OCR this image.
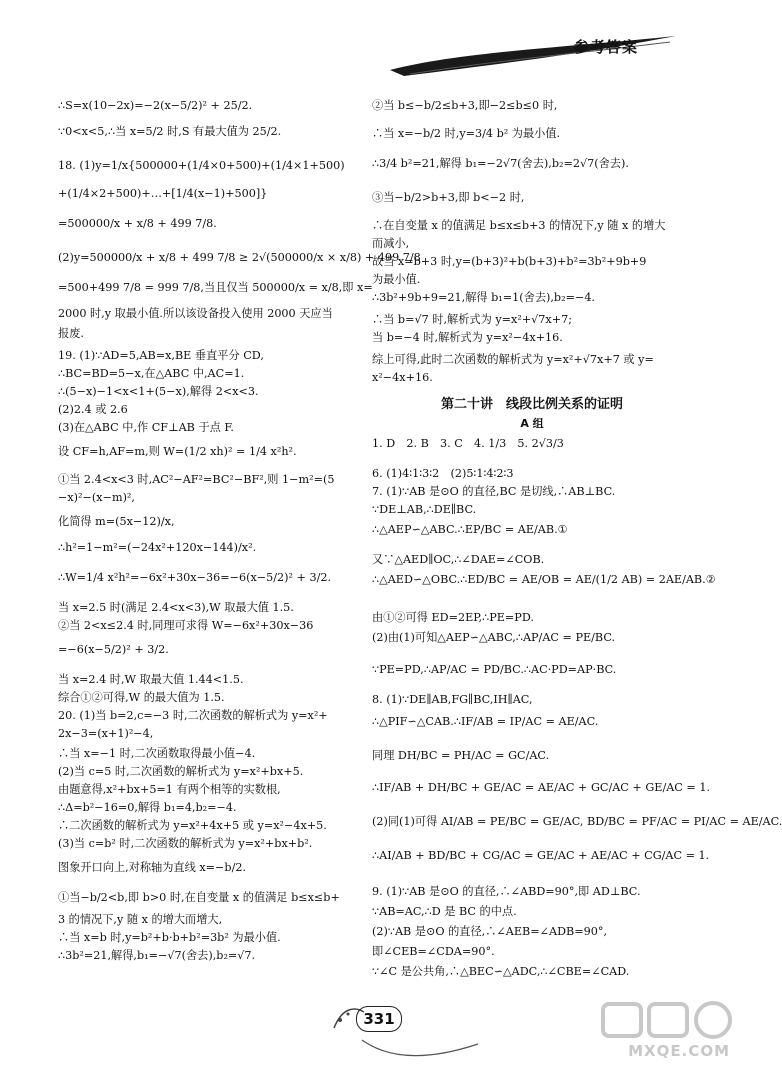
参考答案
∴S=x(10−2x)=−2(x−5/2)² + 25/2.
∵0<x<5,∴当 x=5/2 时,S 有最大值为 25/2.
18. (1)y=1/x{500000+(1/4×0+500)+(1/4×1+500)
+(1/4×2+500)+…+[1/4(x−1)+500]}
=500000/x + x/8 + 499 7/8.
(2)y=500000/x + x/8 + 499 7/8 ≥ 2√(500000/x × x/8) + 499 7/8
=500+499 7/8 = 999 7/8,当且仅当 500000/x = x/8,即 x=
2000 时,y 取最小值.所以该设备投入使用 2000 天应当
报废.
19. (1)∵AD=5,AB=x,BE 垂直平分 CD,
∴BC=BD=5−x,在△ABC 中,AC=1.
∴(5−x)−1<x<1+(5−x),解得 2<x<3.
(2)2.4 或 2.6
(3)在△ABC 中,作 CF⊥AB 于点 F.
设 CF=h,AF=m,则 W=(1/2 xh)² = 1/4 x²h².
①当 2.4<x<3 时,AC²−AF²=BC²−BF²,则 1−m²=(5
−x)²−(x−m)²,
化简得 m=(5x−12)/x,
∴h²=1−m²=(−24x²+120x−144)/x².
∴W=1/4 x²h²=−6x²+30x−36=−6(x−5/2)² + 3/2.
当 x=2.5 时(满足 2.4<x<3),W 取最大值 1.5.
②当 2<x≤2.4 时,同理可求得 W=−6x²+30x−36
=−6(x−5/2)² + 3/2.
当 x=2.4 时,W 取最大值 1.44<1.5.
综合①②可得,W 的最大值为 1.5.
20. (1)当 b=2,c=−3 时,二次函数的解析式为 y=x²+
2x−3=(x+1)²−4,
∴当 x=−1 时,二次函数取得最小值−4.
(2)当 c=5 时,二次函数的解析式为 y=x²+bx+5.
由题意得,x²+bx+5=1 有两个相等的实数根,
∴Δ=b²−16=0,解得 b₁=4,b₂=−4.
∴二次函数的解析式为 y=x²+4x+5 或 y=x²−4x+5.
(3)当 c=b² 时,二次函数的解析式为 y=x²+bx+b².
图象开口向上,对称轴为直线 x=−b/2.
①当−b/2<b,即 b>0 时,在自变量 x 的值满足 b≤x≤b+
3 的情况下,y 随 x 的增大而增大,
∴当 x=b 时,y=b²+b·b+b²=3b² 为最小值.
∴3b²=21,解得,b₁=−√7(舍去),b₂=√7.
②当 b≤−b/2≤b+3,即−2≤b≤0 时,
∴当 x=−b/2 时,y=3/4 b² 为最小值.
∴3/4 b²=21,解得 b₁=−2√7(舍去),b₂=2√7(舍去).
③当−b/2>b+3,即 b<−2 时,
∴在自变量 x 的值满足 b≤x≤b+3 的情况下,y 随 x 的增大
而减小,
故当 x=b+3 时,y=(b+3)²+b(b+3)+b²=3b²+9b+9
为最小值.
∴3b²+9b+9=21,解得 b₁=1(舍去),b₂=−4.
∴当 b=√7 时,解析式为 y=x²+√7x+7;
当 b=−4 时,解析式为 y=x²−4x+16.
综上可得,此时二次函数的解析式为 y=x²+√7x+7 或 y=
x²−4x+16.
第二十讲　线段比例关系的证明
A 组
1. D　2. B　3. C　4. 1/3　5. 2√3/3
6. (1)4∶1∶3∶2　(2)5∶1∶4∶2∶3
7. (1)∵AB 是⊙O 的直径,BC 是切线,∴AB⊥BC.
∵DE⊥AB,∴DE∥BC.
∴△AEP∽△ABC.∴EP/BC = AE/AB.①
又∵△AED∥OC,∴∠DAE=∠COB.
∴△AED∽△OBC.∴ED/BC = AE/OB = AE/(1/2 AB) = 2AE/AB.②
由①②可得 ED=2EP,∴PE=PD.
(2)由(1)可知△AEP∽△ABC,∴AP/AC = PE/BC.
∵PE=PD,∴AP/AC = PD/BC.∴AC·PD=AP·BC.
8. (1)∵DE∥AB,FG∥BC,IH∥AC,
∴△PIF∽△CAB.∴IF/AB = IP/AC = AE/AC.
同理 DH/BC = PH/AC = GC/AC.
∴IF/AB + DH/BC + GE/AC = AE/AC + GC/AC + GE/AC = 1.
(2)同(1)可得 AI/AB = PE/BC = GE/AC, BD/BC = PF/AC = PI/AC = AE/AC.
∴AI/AB + BD/BC + CG/AC = GE/AC + AE/AC + CG/AC = 1.
9. (1)∵AB 是⊙O 的直径,∴∠ABD=90°,即 AD⊥BC.
∵AB=AC,∴D 是 BC 的中点.
(2)∵AB 是⊙O 的直径,∴∠AEB=∠ADB=90°,
即∠CEB=∠CDA=90°.
∵∠C 是公共角,∴△BEC∽△ADC,∴∠CBE=∠CAD.
331
MXQE.COM
